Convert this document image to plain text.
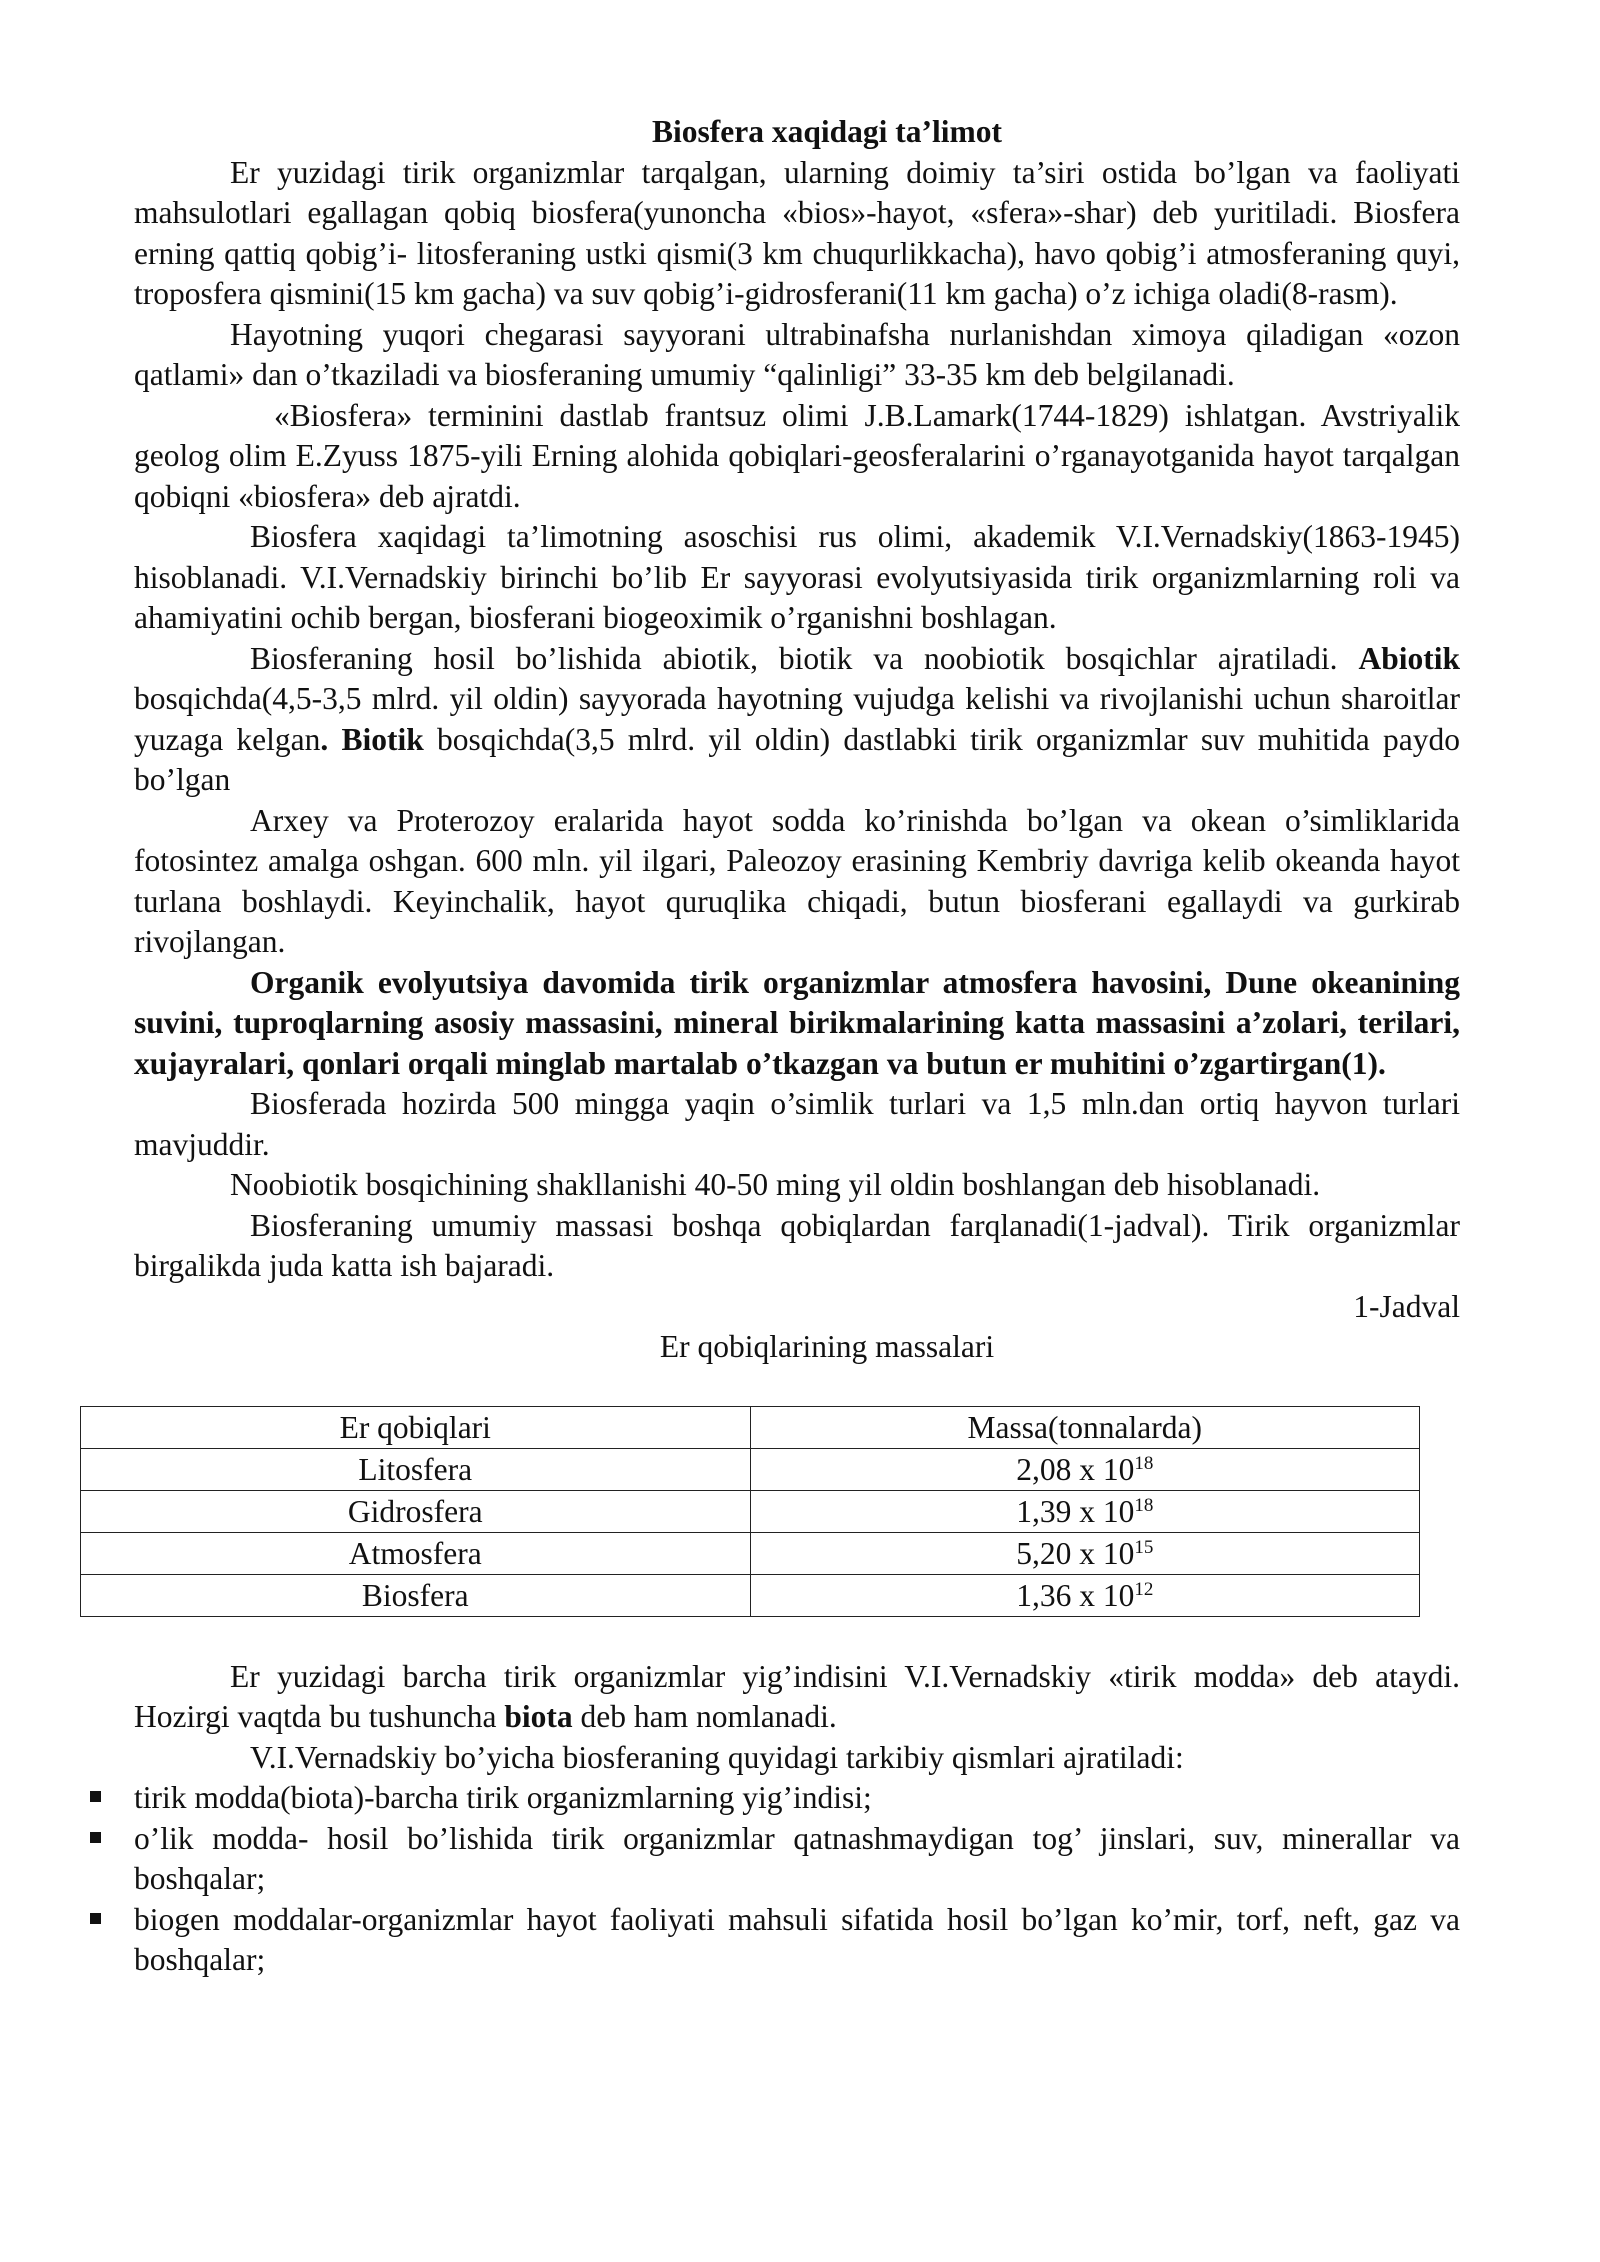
Biosfera xaqidagi ta’limot

Er yuzidagi tirik organizmlar tarqalgan, ularning doimiy ta’siri ostida bo’lgan va faoliyati mahsulotlari egallagan qobiq biosfera(yunoncha «bios»-hayot, «sfera»-shar) deb yuritiladi. Biosfera erning qattiq qobig’i- litosferaning ustki qismi(3 km chuqurlikkacha), havo qobig’i atmosferaning quyi, troposfera qismini(15 km gacha) va suv qobig’i-gidrosferani(11 km gacha) o’z ichiga oladi(8-rasm).

Hayotning yuqori chegarasi sayyorani ultrabinafsha nurlanishdan ximoya qiladigan «ozon qatlami» dan o’tkaziladi va biosferaning umumiy “qalinligi” 33-35 km deb belgilanadi.

«Biosfera» terminini dastlab frantsuz olimi J.B.Lamark(1744-1829) ishlatgan. Avstriyalik geolog olim E.Zyuss 1875-yili Erning alohida qobiqlari-geosferalarini o’rganayotganida hayot tarqalgan qobiqni «biosfera» deb ajratdi.

Biosfera xaqidagi ta’limotning asoschisi rus olimi, akademik V.I.Vernadskiy(1863-1945) hisoblanadi. V.I.Vernadskiy birinchi bo’lib Er sayyorasi evolyutsiyasida tirik organizmlarning roli va ahamiyatini ochib bergan, biosferani biogeoximik o’rganishni boshlagan.

Biosferaning hosil bo’lishida abiotik, biotik va noobiotik bosqichlar ajratiladi. Abiotik bosqichda(4,5-3,5 mlrd. yil oldin) sayyorada hayotning vujudga kelishi va rivojlanishi uchun sharoitlar yuzaga kelgan. Biotik bosqichda(3,5 mlrd. yil oldin) dastlabki tirik organizmlar suv muhitida paydo bo’lgan

Arxey va Proterozoy eralarida hayot sodda ko’rinishda bo’lgan va okean o’simliklarida fotosintez amalga oshgan. 600 mln. yil ilgari, Paleozoy erasining Kembriy davriga kelib okeanda hayot turlana boshlaydi. Keyinchalik, hayot quruqlika chiqadi, butun biosferani egallaydi va gurkirab rivojlangan.

Organik evolyutsiya davomida tirik organizmlar atmosfera havosini, Dune okeanining suvini, tuproqlarning asosiy massasini, mineral birikmalarining katta massasini a’zolari, terilari, xujayralari, qonlari orqali minglab martalab o’tkazgan va butun er muhitini o’zgartirgan(1).

Biosferada hozirda 500 mingga yaqin o’simlik turlari va 1,5 mln.dan ortiq hayvon turlari mavjuddir.

Noobiotik bosqichining shakllanishi 40-50 ming yil oldin boshlangan deb hisoblanadi.

Biosferaning umumiy massasi boshqa qobiqlardan farqlanadi(1-jadval). Tirik organizmlar birgalikda juda katta ish bajaradi.

1-Jadval

Er qobiqlarining massalari

Er qobiqlari	Massa(tonnalarda)
Litosfera	2,08 x $10^{18}$
Gidrosfera	1,39 x $10^{18}$
Atmosfera	5,20 x $10^{15}$
Biosfera	1,36 x $10^{12}$

Er yuzidagi barcha tirik organizmlar yig’indisini V.I.Vernadskiy «tirik modda» deb ataydi. Hozirgi vaqtda bu tushuncha biota deb ham nomlanadi.

V.I.Vernadskiy bo’yicha biosferaning quyidagi tarkibiy qismlari ajratiladi:

tirik modda(biota)-barcha tirik organizmlarning yig’indisi;
o’lik modda- hosil bo’lishida tirik organizmlar qatnashmaydigan tog’ jinslari, suv, minerallar va boshqalar;
biogen moddalar-organizmlar hayot faoliyati mahsuli sifatida hosil bo’lgan ko’mir, torf, neft, gaz va boshqalar;
